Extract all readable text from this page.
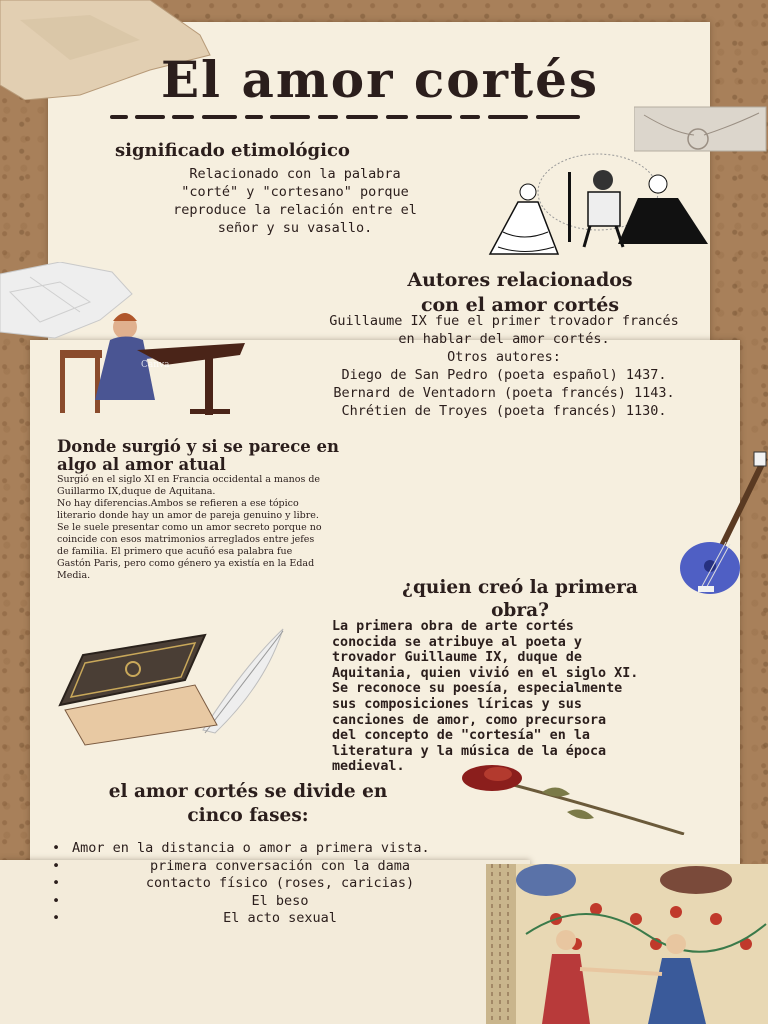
El amor cortés
significado etimológico
Relacionado con la palabra
"corté" y "cortesano" porque
reproduce la relación entre el
señor y su vasallo.
Autores relacionados
con el amor cortés
Guillaume IX fue el primer trovador francés
en hablar del amor cortés.
Otros autores:
Diego de San Pedro (poeta español) 1437.
Bernard de Ventadorn (poeta francés) 1143.
Chrétien de Troyes (poeta francés) 1130.
Canva
Donde surgió y si se parece en
algo al amor atual
Surgió en el siglo XI en Francia occidental a manos de
Guillarmo IX,duque de Aquitana.
No hay diferencias.Ambos se refieren a ese tópico
literario donde hay un amor de pareja genuino y libre.
Se le suele presentar como un amor secreto porque no
coincide con esos matrimonios arreglados entre jefes
de familia. El primero que acuñó esa palabra fue
Gastón Paris, pero como género ya existía en la Edad
Media.
¿quien creó la primera
obra?
La primera obra de arte cortés
conocida se atribuye al poeta y
trovador Guillaume IX, duque de
Aquitania, quien vivió en el siglo XI.
Se reconoce su poesía, especialmente
sus composiciones líricas y sus
canciones de amor, como precursora
del concepto de "cortesía" en la
literatura y la música de la época
medieval.
el amor cortés se divide en
cinco fases:
• Amor en la distancia o amor a primera vista.
• primera conversación con la dama
• contacto físico (roses, caricias)
• El beso
• El acto sexual
